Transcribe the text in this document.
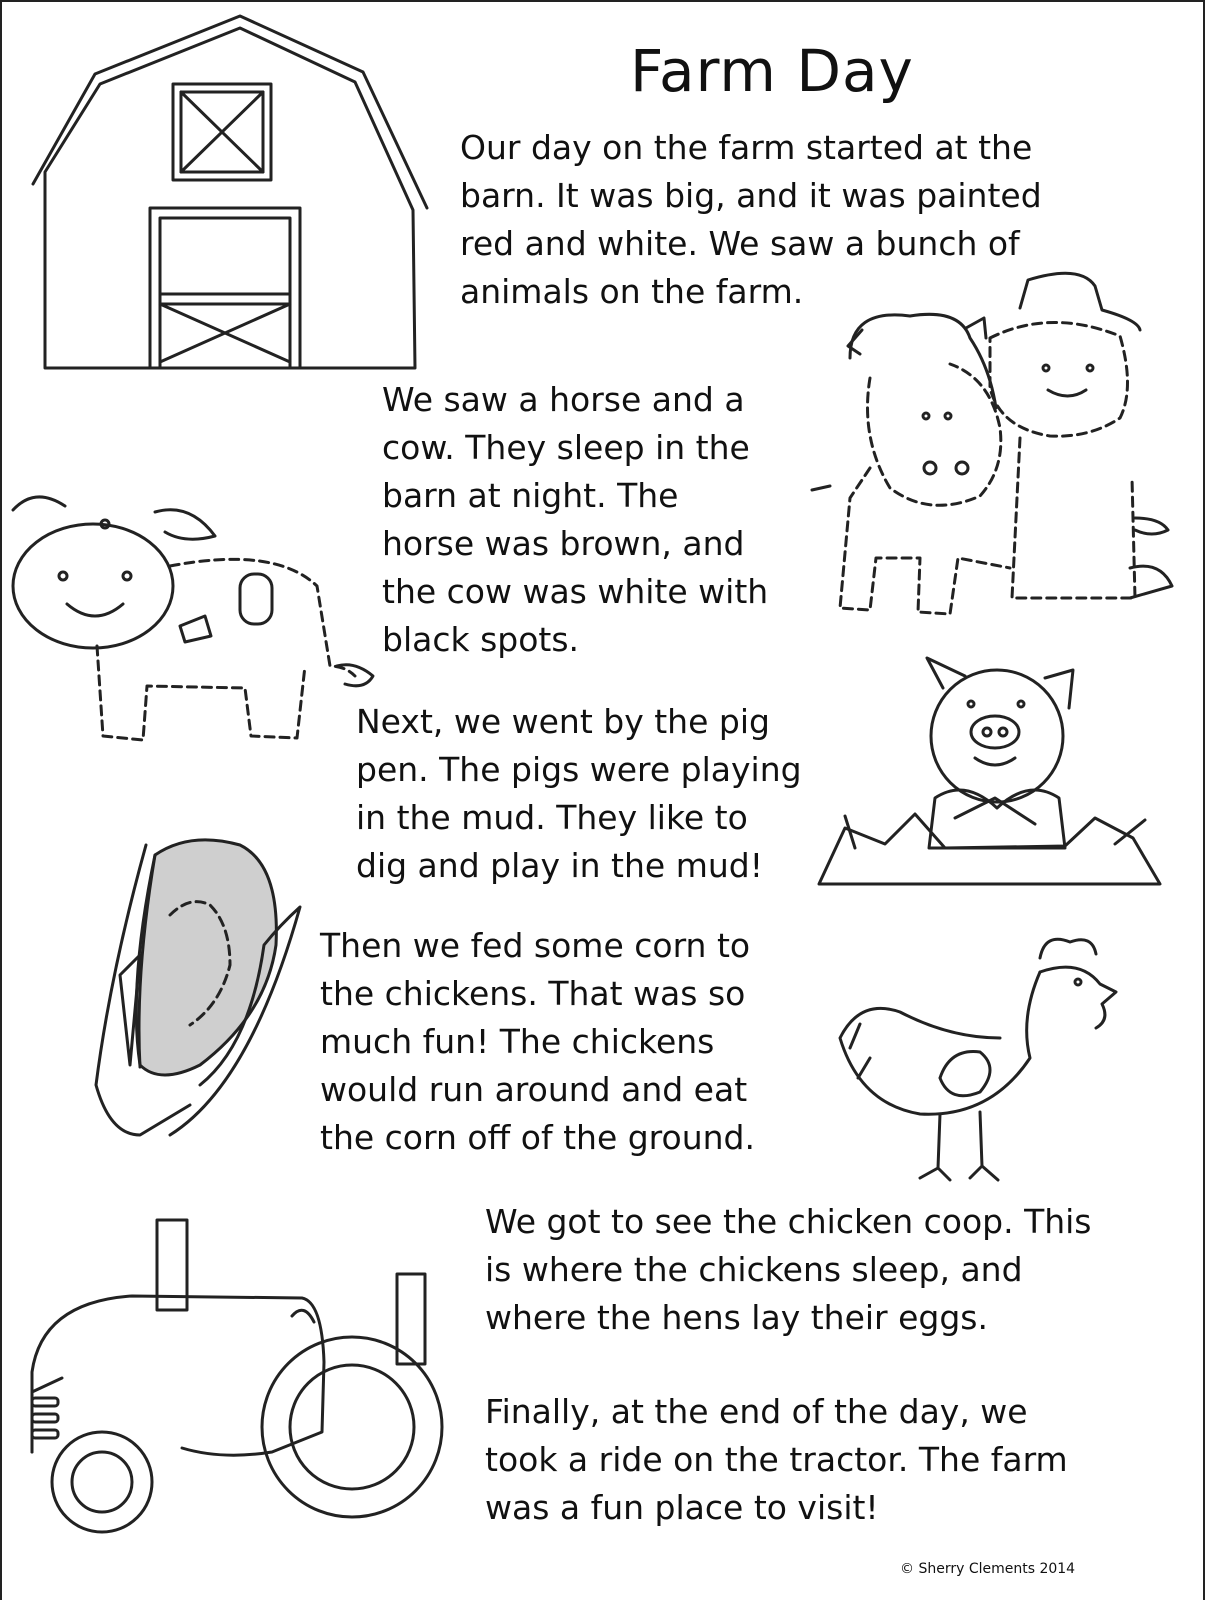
Farm Day
Our day on the farm started at the
barn. It was big, and it was painted
red and white. We saw a bunch of
animals on the farm.
We saw a horse and a
cow. They sleep in the
barn at night. The
horse was brown, and
the cow was white with
black spots.
Next, we went by the pig
pen. The pigs were playing
in the mud. They like to
dig and play in the mud!
Then we fed some corn to
the chickens. That was so
much fun! The chickens
would run around and eat
the corn off of the ground.
We got to see the chicken coop. This
is where the chickens sleep, and
where the hens lay their eggs.
Finally, at the end of the day, we
took a ride on the tractor. The farm
was a fun place to visit!
© Sherry Clements 2014
